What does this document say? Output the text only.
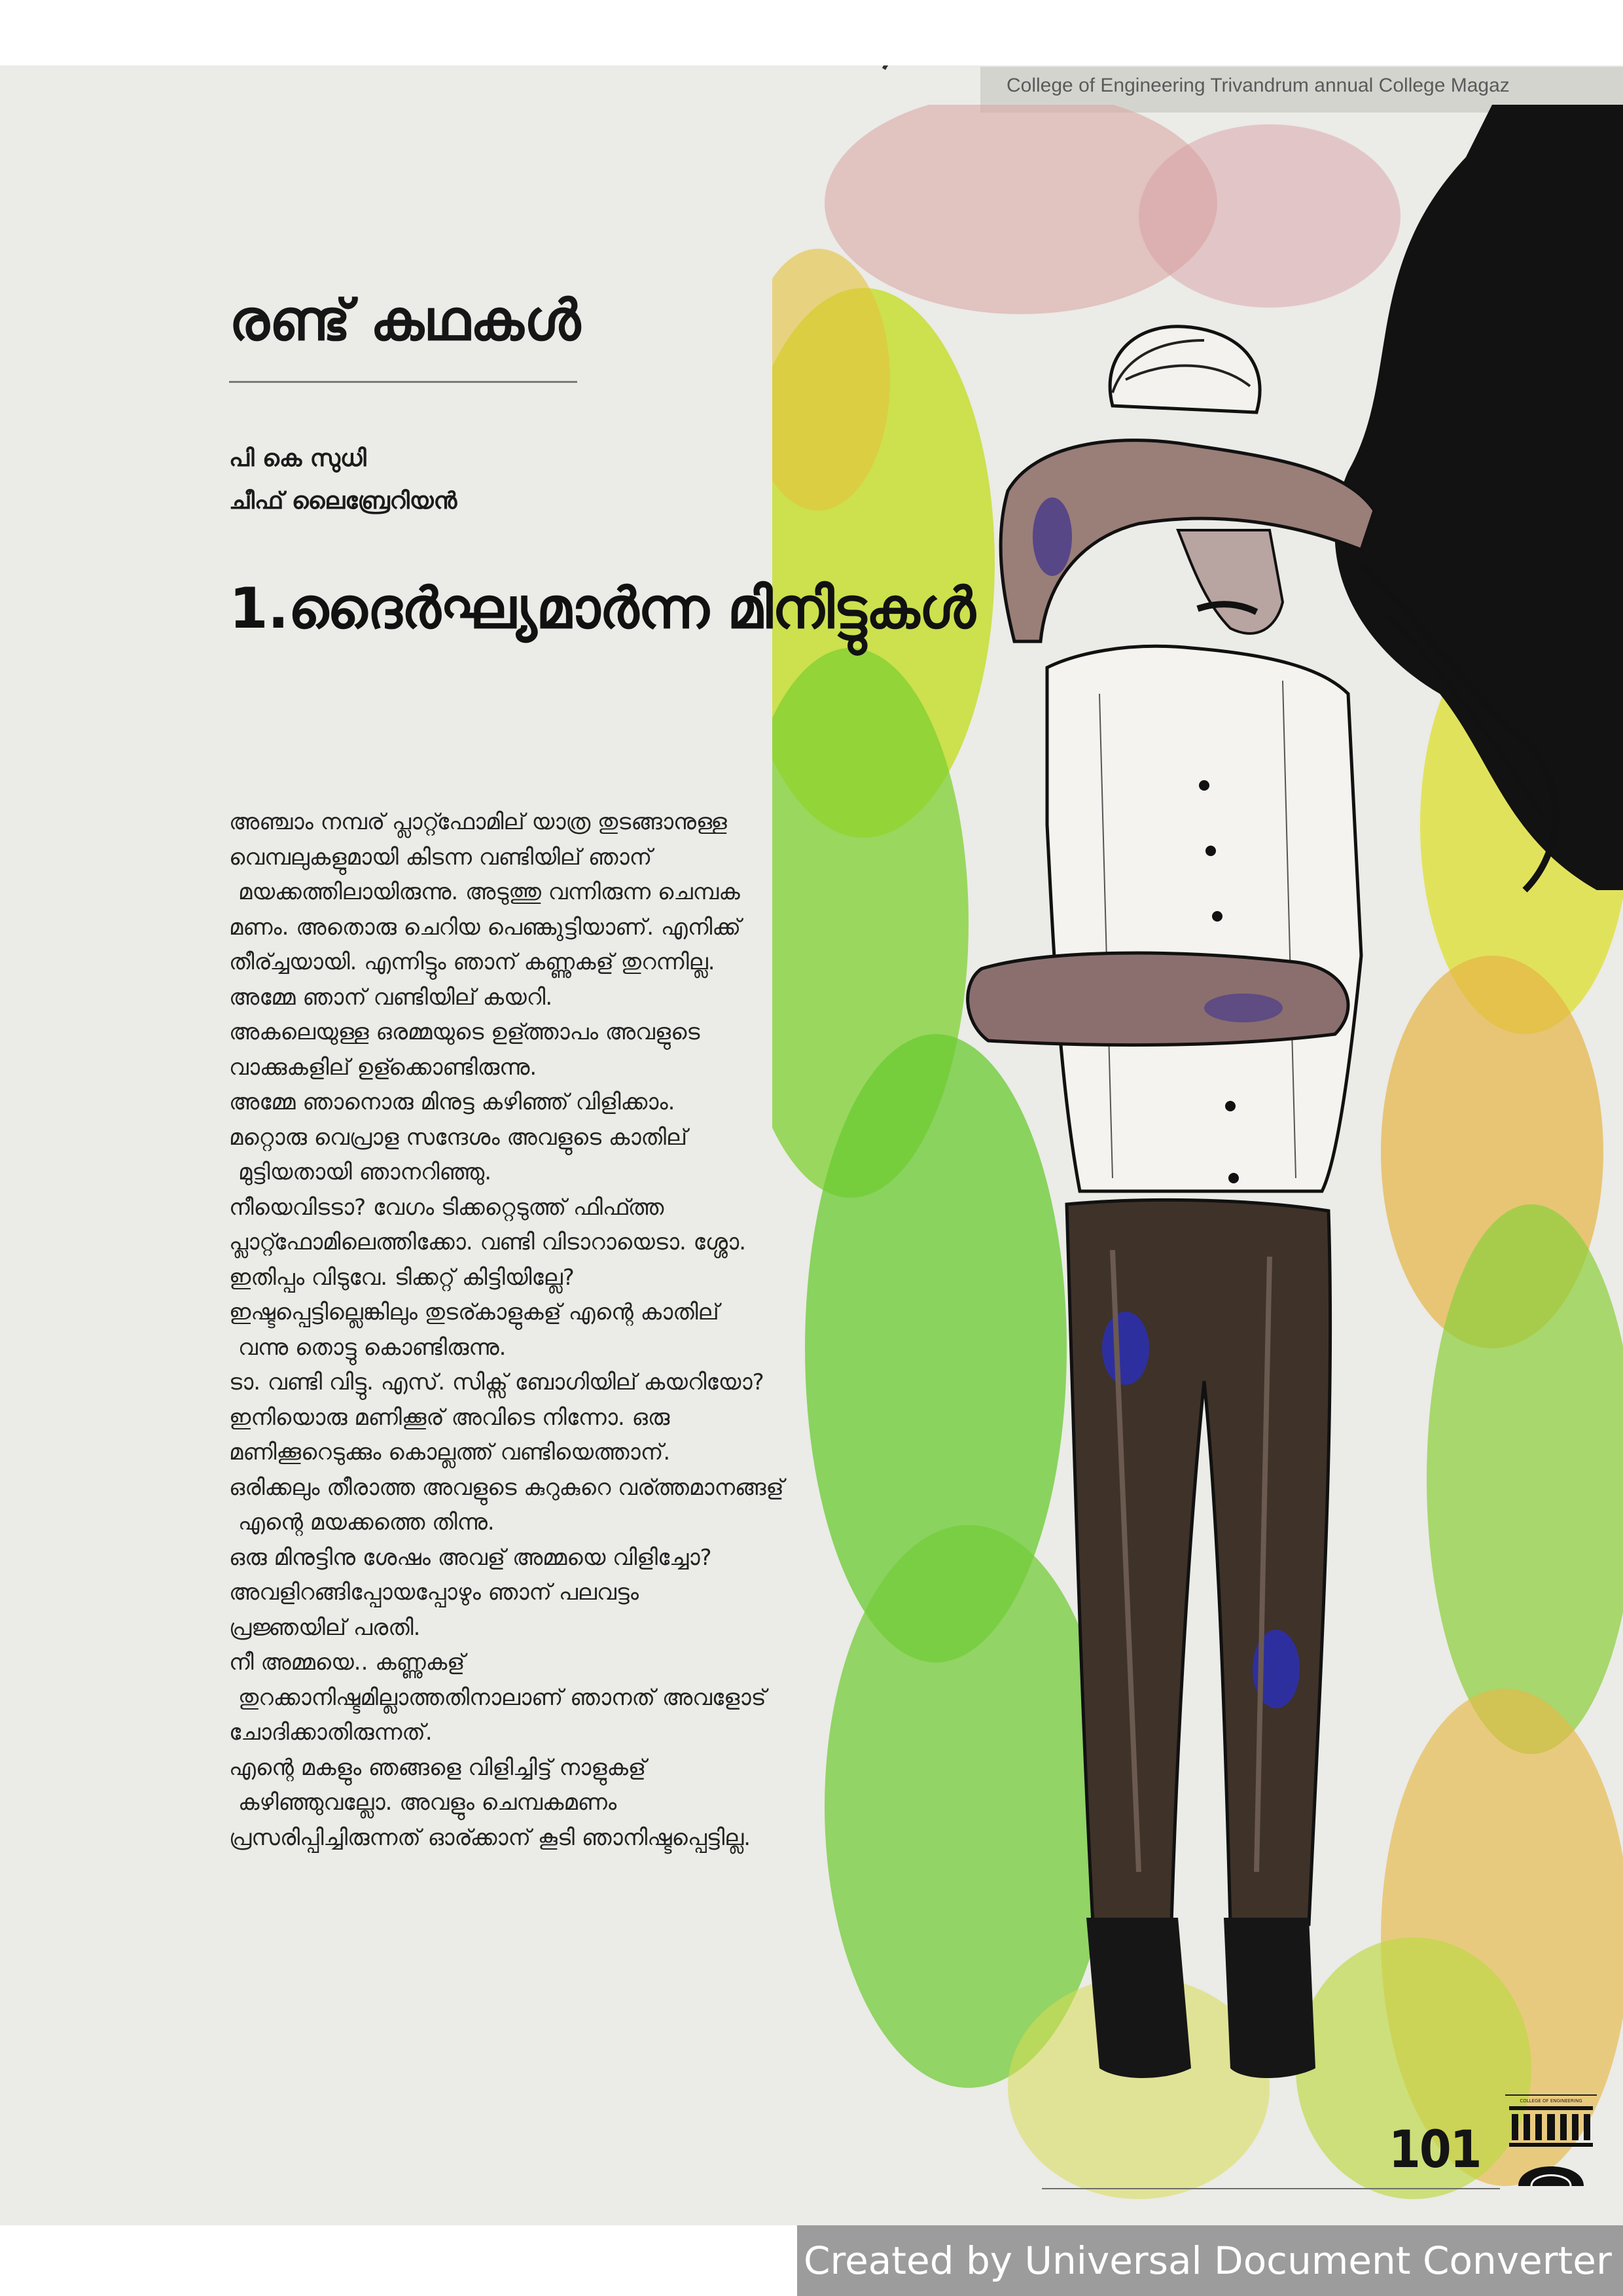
College of Engineering Trivandrum annual College Magaz
രണ്ട് കഥകൾ
പി കെ സുധി
ചീഫ് ലൈബ്രേറിയൻ
1.ദൈർഘ്യമാർന്ന മിനിട്ടുകൾ
അഞ്ചാം നമ്പര് പ്ലാറ്റ്ഫോമില് യാത്ര തുടങ്ങാനുള്ള
വെമ്പലുകളുമായി കിടന്ന വണ്ടിയില് ഞാന്
മയക്കത്തിലായിരുന്നു. അടുത്തു വന്നിരുന്ന ചെമ്പക
മണം. അതൊരു ചെറിയ പെണ്കുട്ടിയാണ്. എനിക്ക്
തീര്ച്ചയായി. എന്നിട്ടും ഞാന് കണ്ണുകള് തുറന്നില്ല.
അമ്മേ ഞാന് വണ്ടിയില് കയറി.
അകലെയുള്ള ഒരമ്മയുടെ ഉള്ത്താപം അവളുടെ
വാക്കുകളില് ഉള്ക്കൊണ്ടിരുന്നു.
അമ്മേ ഞാനൊരു മിനുട്ട കഴിഞ്ഞ് വിളിക്കാം.
മറ്റൊരു വെപ്രാള സന്ദേശം അവളുടെ കാതില്
മുട്ടിയതായി ഞാനറിഞ്ഞു.
നീയെവിടടാ? വേഗം ടിക്കറ്റെടുത്ത് ഫിഫ്ത്ത
പ്ലാറ്റ്ഫോമിലെത്തിക്കോ. വണ്ടി വിടാറായെടാ. ശ്ശോ.
ഇതിപ്പം വിടുവേ. ടിക്കറ്റ് കിട്ടിയില്ലേ?
ഇഷ്ടപ്പെട്ടില്ലെങ്കിലും തുടര്കാളുകള് എന്റെ കാതില്
വന്നു തൊട്ടു കൊണ്ടിരുന്നു.
ടാ. വണ്ടി വിട്ടു. എസ്. സിക്സ് ബോഗിയില് കയറിയോ?
ഇനിയൊരു മണിക്കൂര് അവിടെ നിന്നോ. ഒരു
മണിക്കൂറെടുക്കും കൊല്ലത്ത് വണ്ടിയെത്താന്.
ഒരിക്കലും തീരാത്ത അവളുടെ കുറുകുറെ വര്ത്തമാനങ്ങള്
എന്റെ മയക്കത്തെ തിന്നു.
ഒരു മിനുട്ടിനു ശേഷം അവള് അമ്മയെ വിളിച്ചോ?
അവളിറങ്ങിപ്പോയപ്പോഴും ഞാന് പലവട്ടം
പ്രജ്ഞയില് പരതി.
നീ അമ്മയെ.. കണ്ണുകള്
തുറക്കാനിഷ്ടമില്ലാത്തതിനാലാണ് ഞാനത് അവളോട്
ചോദിക്കാതിരുന്നത്.
എന്റെ മകളും ഞങ്ങളെ വിളിച്ചിട്ട് നാളുകള്
കഴിഞ്ഞുവല്ലോ. അവളും ചെമ്പകമണം
പ്രസരിപ്പിച്ചിരുന്നത് ഓര്ക്കാന് കൂടി ഞാനിഷ്ടപ്പെട്ടില്ല.
101
COLLEGE OF ENGINEERING
Created by Universal Document Converter
